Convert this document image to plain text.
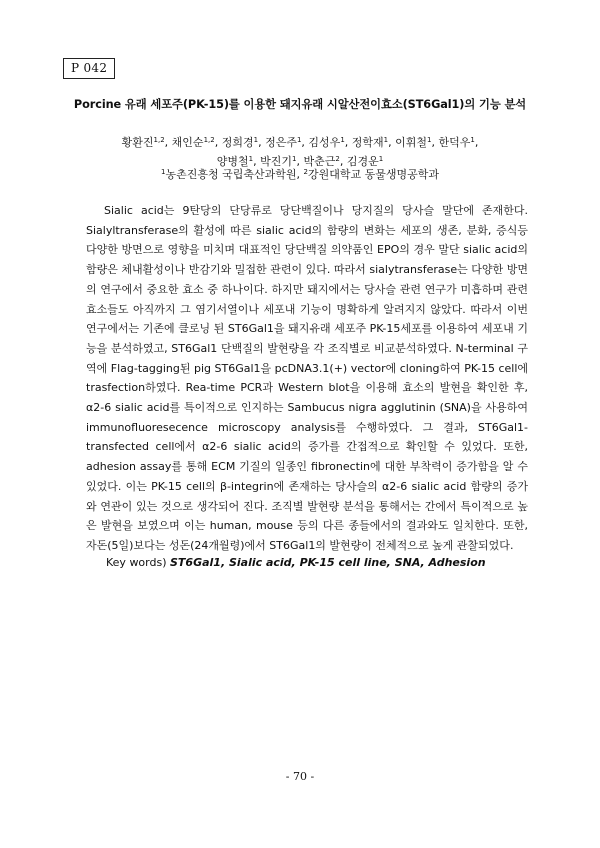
P 042
Porcine 유래 세포주(PK-15)를 이용한 돼지유래 시알산전이효소(ST6Gal1)의 기능 분석
황환진$^{1,2}$, 채인순$^{1,2}$, 정희경$^1$, 정은주$^1$, 김성우$^1$, 정학재$^1$, 이휘철$^1$, 한덕우$^1$,
양병철$^1$, 박진기$^1$, 박춘근$^2$, 김경운$^1$
$^1$농촌진흥청 국립축산과학원, $^2$강원대학교 동물생명공학과

Sialic acid는 9탄당의 단당류로 당단백질이나 당지질의 당사슬 말단에 존재한다. Sialyltransferase의 활성에 따른 sialic acid의 함량의 변화는 세포의 생존, 분화, 증식등 다양한 방면으로 영향을 미치며 대표적인 당단백질 의약품인 EPO의 경우 말단 sialic acid의 함량은 체내활성이나 반감기와 밀접한 관련이 있다. 따라서 sialytransferase는 다양한 방면의 연구에서 중요한 효소 중 하나이다. 하지만 돼지에서는 당사슬 관련 연구가 미흡하며 관련 효소들도 아직까지 그 염기서열이나 세포내 기능이 명확하게 알려지지 않았다. 따라서 이번 연구에서는 기존에 클로닝 된 ST6Gal1을 돼지유래 세포주 PK-15세포를 이용하여 세포내 기능을 분석하였고, ST6Gal1 단백질의 발현량을 각 조직별로 비교분석하였다. N-terminal 구역에 Flag-tagging된 pig ST6Gal1을 pcDNA3.1(+) vector에 cloning하여 PK-15 cell에 trasfection하였다. Rea-time PCR과 Western blot을 이용해 효소의 발현을 확인한 후, α2-6 sialic acid를 특이적으로 인지하는 Sambucus nigra agglutinin (SNA)을 사용하여 immunofluoresecence microscopy analysis를 수행하였다. 그 결과, ST6Gal1-transfected cell에서 α2-6 sialic acid의 증가를 간접적으로 확인할 수 있었다. 또한, adhesion assay를 통해 ECM 기질의 일종인 fibronectin에 대한 부착력이 증가함을 알 수 있었다. 이는 PK-15 cell의 β-integrin에 존재하는 당사슬의 α2-6 sialic acid 함량의 증가와 연관이 있는 것으로 생각되어 진다. 조직별 발현량 분석을 통해서는 간에서 특이적으로 높은 발현을 보였으며 이는 human, mouse 등의 다른 종들에서의 결과와도 일치한다. 또한, 자돈(5일)보다는 성돈(24개월령)에서 ST6Gal1의 발현량이 전체적으로 높게 관찰되었다.

Key words) ST6Gal1, Sialic acid, PK-15 cell line, SNA, Adhesion
- 70 -
